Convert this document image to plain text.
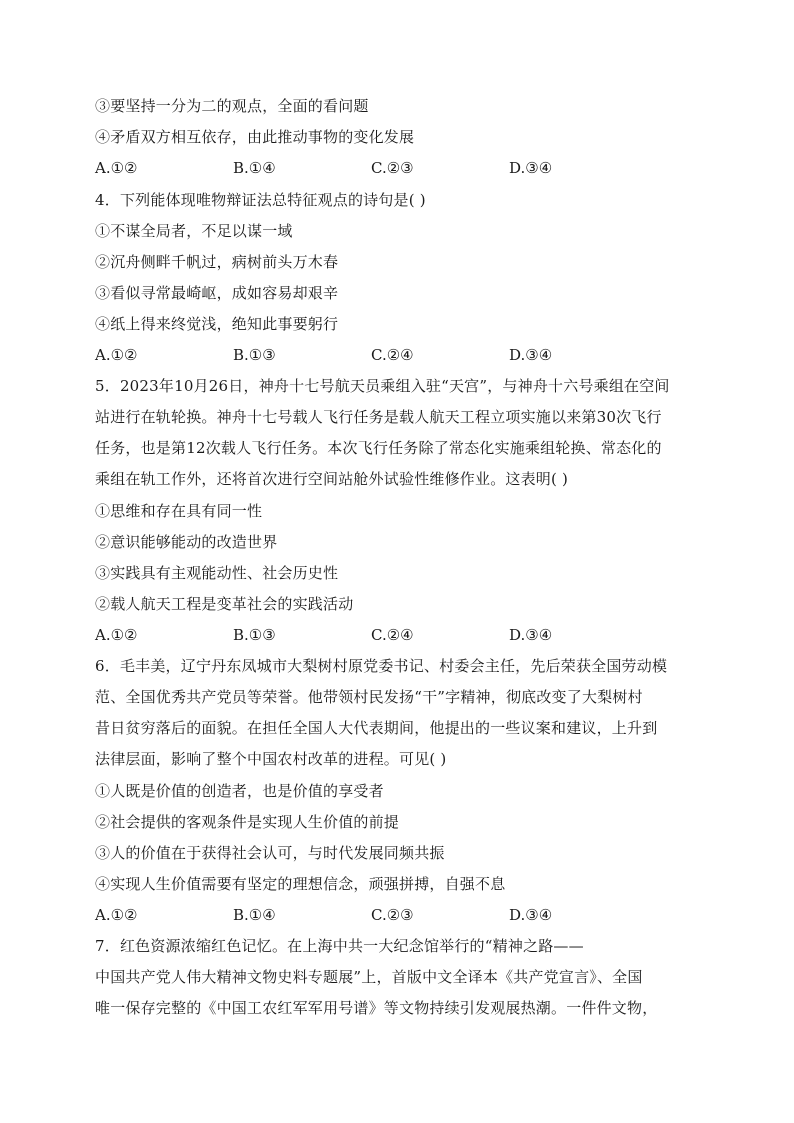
③要坚持一分为二的观点，全面的看问题
④矛盾双方相互依存，由此推动事物的变化发展
A.①②	B.①④	C.②③	D.③④
4．下列能体现唯物辩证法总特征观点的诗句是( )
①不谋全局者，不足以谋一域
②沉舟侧畔千帆过，病树前头万木春
③看似寻常最崎岖，成如容易却艰辛
④纸上得来终觉浅，绝知此事要躬行
A.①②	B.①③	C.②④	D.③④
5．2023年10月26日，神舟十七号航天员乘组入驻“天宫”，与神舟十六号乘组在空间
站进行在轨轮换。神舟十七号载人飞行任务是载人航天工程立项实施以来第30次飞行
任务，也是第12次载人飞行任务。本次飞行任务除了常态化实施乘组轮换、常态化的
乘组在轨工作外，还将首次进行空间站舱外试验性维修作业。这表明( )
①思维和存在具有同一性
②意识能够能动的改造世界
③实践具有主观能动性、社会历史性
②载人航天工程是变革社会的实践活动
A.①②	B.①③	C.②④	D.③④
6．毛丰美，辽宁丹东凤城市大梨树村原党委书记、村委会主任，先后荣获全国劳动模
范、全国优秀共产党员等荣誉。他带领村民发扬“干”字精神，彻底改变了大梨树村
昔日贫穷落后的面貌。在担任全国人大代表期间，他提出的一些议案和建议，上升到
法律层面，影响了整个中国农村改革的进程。可见( )
①人既是价值的创造者，也是价值的享受者
②社会提供的客观条件是实现人生价值的前提
③人的价值在于获得社会认可，与时代发展同频共振
④实现人生价值需要有坚定的理想信念，顽强拼搏，自强不息
A.①②	B.①④	C.②③	D.③④
7．红色资源浓缩红色记忆。在上海中共一大纪念馆举行的“精神之路——
中国共产党人伟大精神文物史料专题展”上，首版中文全译本《共产党宣言》、全国
唯一保存完整的《中国工农红军军用号谱》等文物持续引发观展热潮。一件件文物，
